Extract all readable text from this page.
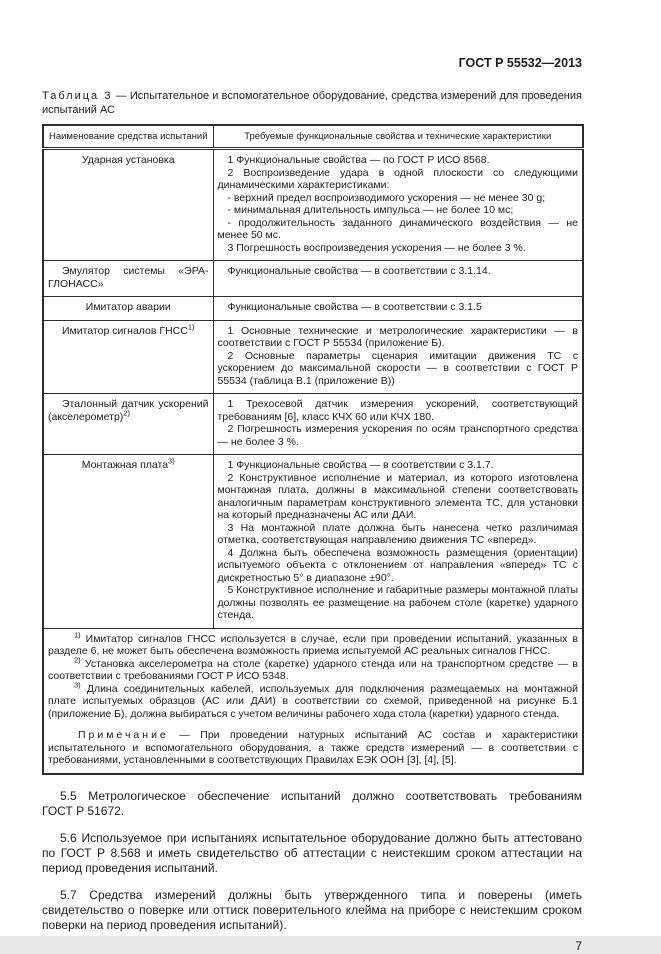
ГОСТ Р 55532—2013

Таблица 3 — Испытательное и вспомогательное оборудование, средства измерений для проведения испытаний АС

Наименование средства испытаний	Требуемые функциональные свойства и технические характеристики
Ударная установка	1 Функциональные свойства — по ГОСТ Р ИСО 8568.

2 Воспроизведение удара в одной плоскости со следующими динамическими характеристиками:

- верхний предел воспроизводимого ускорения — не менее 30 g;

- минимальная длительность импульса — не более 10 мс;

- продолжительность заданного динамического воздействия — не менее 50 мс.

3 Погрешность воспроизведения ускорения — не более 3 %.

Эмулятор системы «ЭРА-ГЛОНАСС»	Функциональные свойства — в соответствии с 3.1.14.

Имитатор аварии	Функциональные свойства — в соответствии с 3.1.5

Имитатор сигналов ГНСС$^{1)}$	1 Основные технические и метрологические характеристики — в соответствии с ГОСТ Р 55534 (приложение Б).

2 Основные параметры сценария имитации движения ТС с ускорением до максимальной скорости — в соответствии с ГОСТ Р 55534 (таблица В.1 (приложение В))

Эталонный датчик ускорений (акселерометр)$^{2)}$	1 Трехосевой датчик измерения ускорений, соответствующий требованиям [6], класс КЧХ 60 или КЧХ 180.

2 Погрешность измерения ускорения по осям транспортного средства — не более 3 %.

Монтажная плата$^{3)}$	1 Функциональные свойства — в соответствии с 3.1.7.

2 Конструктивное исполнение и материал, из которого изготовлена монтажная плата, должны в максимальной степени соответствовать аналогичным параметрам конструктивного элемента ТС, для установки на который предназначены АС или ДАИ.

3 На монтажной плате должна быть нанесена четко различимая отметка, соответствующая направлению движения ТС «вперед».

4 Должна быть обеспечена возможность размещения (ориентации) испытуемого объекта с отклонением от направления «вперед» ТС с дискретностью 5° в диапазоне ±90°.

5 Конструктивное исполнение и габаритные размеры монтажной платы должны позволять ее размещение на рабочем столе (каретке) ударного стенда.

$^{1)}$ Имитатор сигналов ГНСС используется в случае, если при проведении испытаний, указанных в разделе 6, не может быть обеспечена возможность приема испытуемой АС реальных сигналов ГНСС.

$^{2)}$ Установка акселерометра на столе (каретке) ударного стенда или на транспортном средстве — в соответствии с требованиями ГОСТ Р ИСО 5348.

$^{3)}$ Длина соединительных кабелей, используемых для подключения размещаемых на монтажной плате испытуемых образцов (АС или ДАИ) в соответствии со схемой, приведенной на рисунке Б.1 (приложение Б), должна выбираться с учетом величины рабочего хода стола (каретки) ударного стенда.

Примечание — При проведении натурных испытаний АС состав и характеристики испытательного и вспомогательного оборудования, а также средств измерений — в соответствии с требованиями, установленными в соответствующих Правилах ЕЭК ООН [3], [4], [5].	

5.5 Метрологическое обеспечение испытаний должно соответствовать требованиям
ГОСТ Р 51672.

5.6 Используемое при испытаниях испытательное оборудование должно быть аттестовано по ГОСТ Р 8.568 и иметь свидетельство об аттестации с неистекшим сроком аттестации на период проведения испытаний.

5.7 Средства измерений должны быть утвержденного типа и поверены (иметь свидетельство о поверке или оттиск поверительного клейма на приборе с неистекшим сроком поверки на период проведения испытаний).

7
